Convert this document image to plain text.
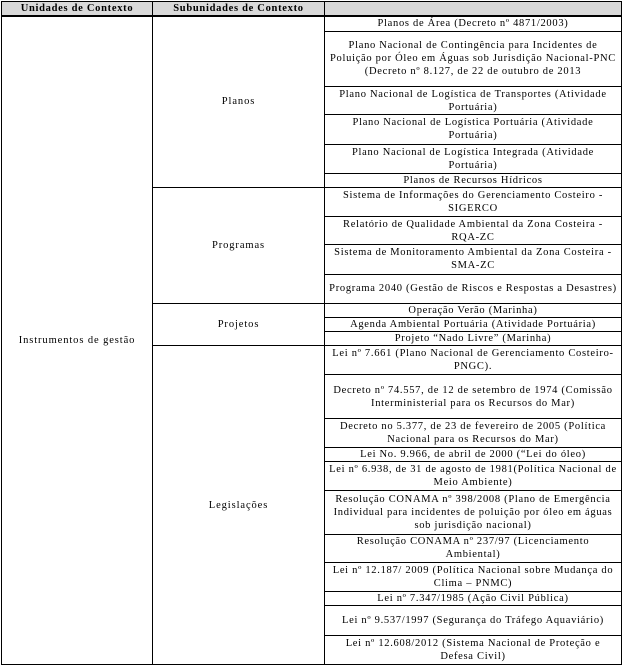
Unidades de Contexto	Subunidades de Contexto	
Instrumentos de gestão	Planos	Planos de Área (Decreto nº 4871/2003)
		Plano Nacional de Contingência para Incidentes de Poluição por Óleo em Águas sob Jurisdição Nacional-PNC (Decreto nº 8.127, de 22 de outubro de 2013
		Plano Nacional de Logística de Transportes (Atividade Portuária)
		Plano Nacional de Logística Portuária (Atividade Portuária)
		Plano Nacional de Logística Integrada (Atividade Portuária)
		Planos de Recursos Hídricos
	Programas	Sistema de Informações do Gerenciamento Costeiro - SIGERCO
		Relatório de Qualidade Ambiental da Zona Costeira - RQA-ZC
		Sistema de Monitoramento Ambiental da Zona Costeira - SMA-ZC
		Programa 2040 (Gestão de Riscos e Respostas a Desastres)
	Projetos	Operação Verão (Marinha)
		Agenda Ambiental Portuária (Atividade Portuária)
		Projeto “Nado Livre” (Marinha)
	Legislações	Lei nº 7.661 (Plano Nacional de Gerenciamento Costeiro- PNGC).
		Decreto nº 74.557, de 12 de setembro de 1974 (Comissão Interministerial para os Recursos do Mar)
		Decreto no 5.377, de 23 de fevereiro de 2005 (Política Nacional para os Recursos do Mar)
		Lei No. 9.966, de abril de 2000 (“Lei do óleo)
		Lei nº 6.938, de 31 de agosto de 1981(Política Nacional de Meio Ambiente)
		Resolução CONAMA nº 398/2008 (Plano de Emergência Individual para incidentes de poluição por óleo em águas sob jurisdição nacional)
		Resolução CONAMA nº 237/97 (Licenciamento Ambiental)
		Lei nº 12.187/ 2009 (Política Nacional sobre Mudança do Clima – PNMC)
		Lei nº 7.347/1985 (Ação Civil Pública)
		Lei nº 9.537/1997 (Segurança do Tráfego Aquaviário)
		Lei nº 12.608/2012 (Sistema Nacional de Proteção e Defesa Civil)
